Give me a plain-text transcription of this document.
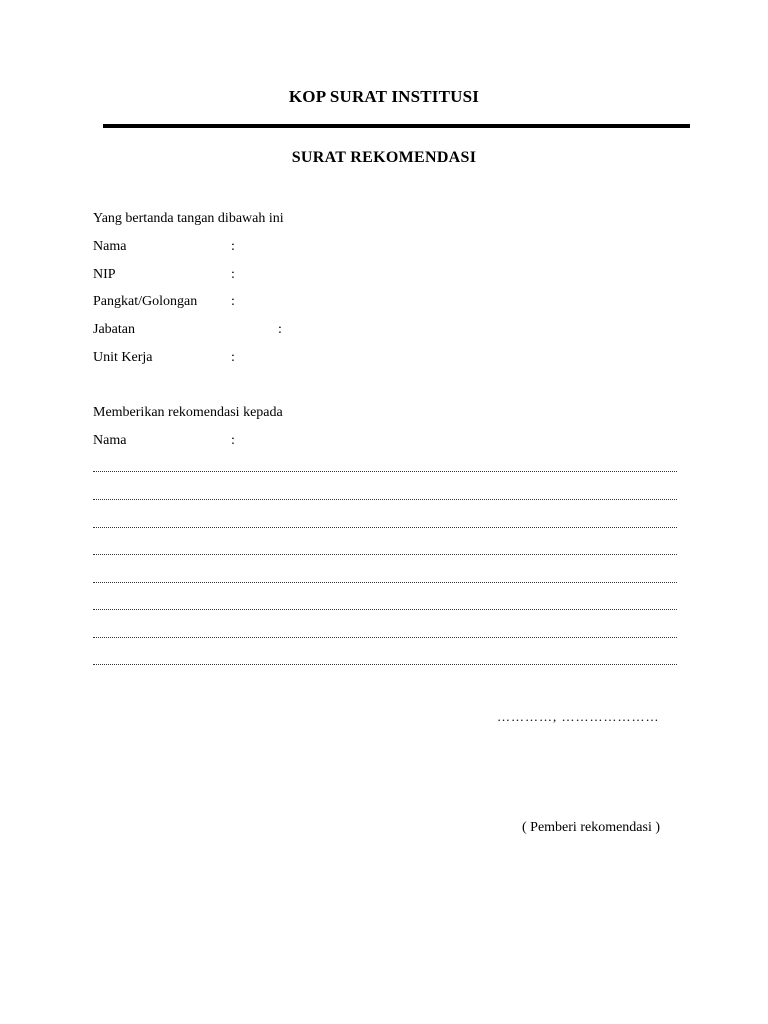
KOP SURAT INSTITUSI
SURAT REKOMENDASI
Yang bertanda tangan dibawah ini
Nama	:
NIP	:
Pangkat/Golongan :
Jabatan	:
Unit Kerja	:
Memberikan rekomendasi kepada
Nama	:
…………, …………………
( Pemberi rekomendasi )
